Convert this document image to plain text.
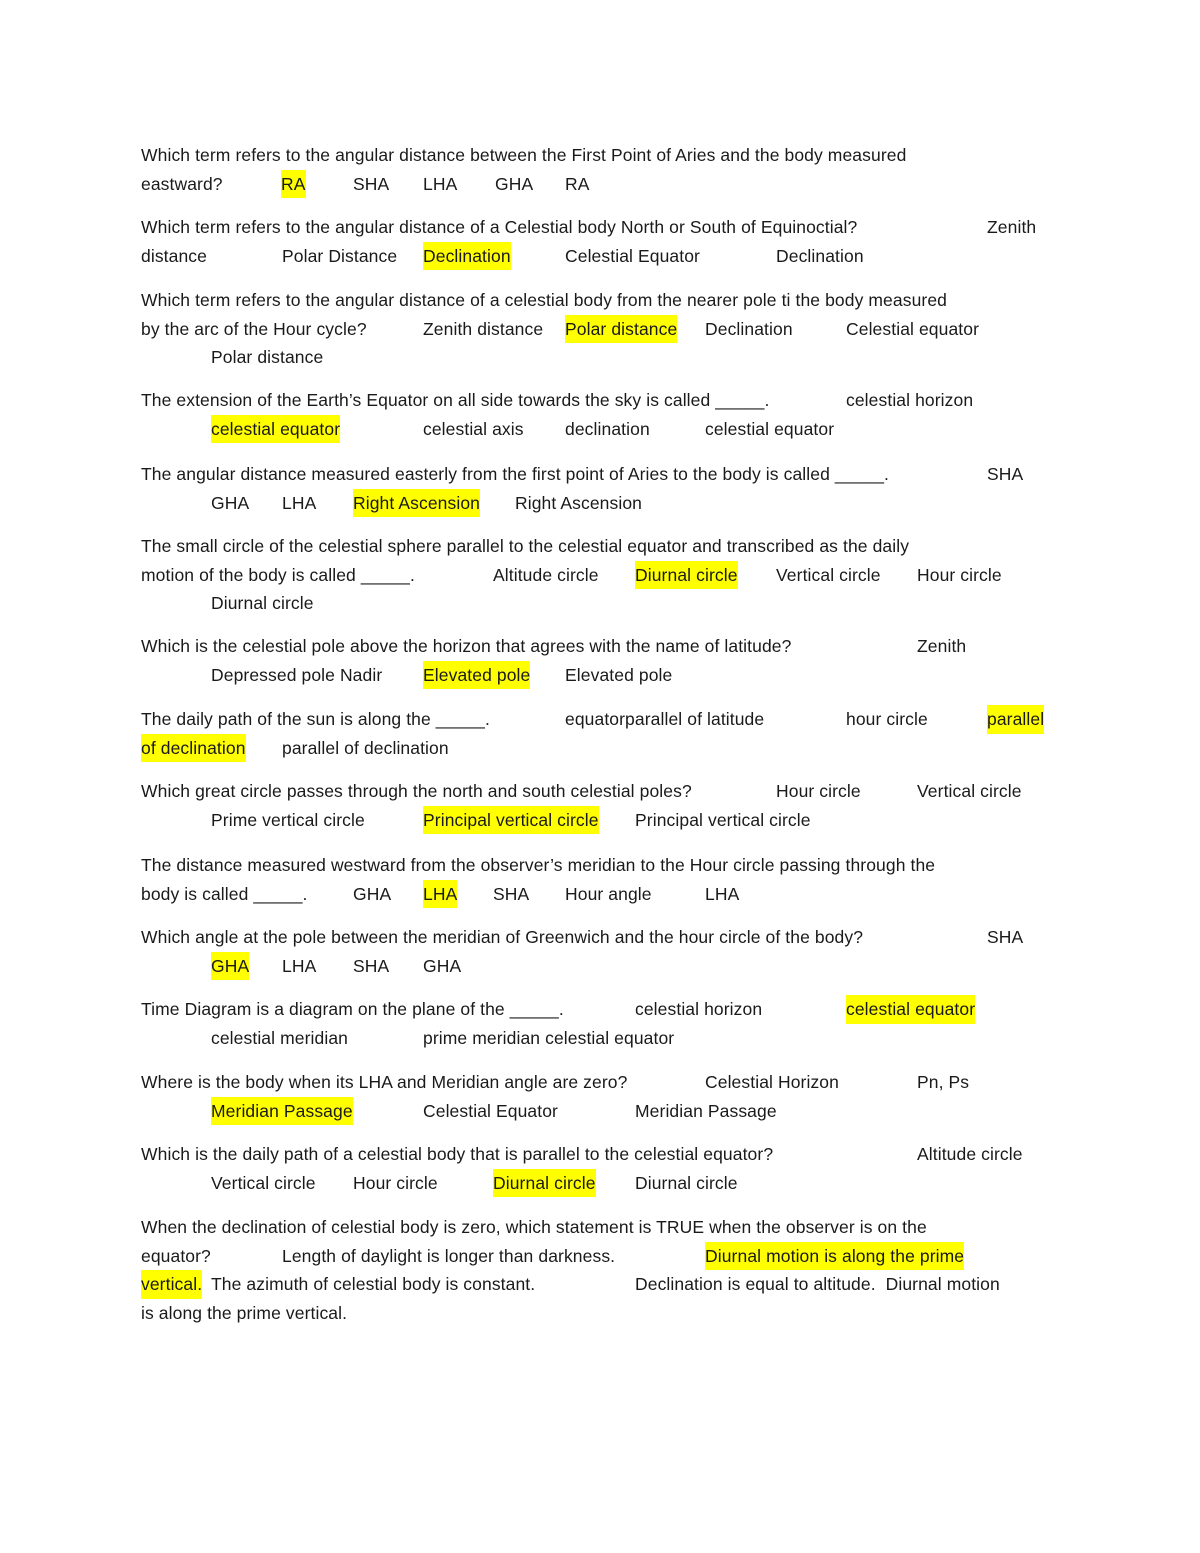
Which term refers to the angular distance between the First Point of Aries and the body measured
eastward?	RA	SHA LHA GHA RA
Which term refers to the angular distance of a Celestial body North or South of Equinoctial?	Zenith
distance	Polar Distance Declination	Celestial Equator	Declination
Which term refers to the angular distance of a celestial body from the nearer pole ti the body measured
by the arc of the Hour cycle?	Zenith distance Polar distance Declination	Celestial equator
Polar distance
The extension of the Earth’s Equator on all side towards the sky is called _____.	celestial horizon
celestial equator	celestial axis declination	celestial equator
The angular distance measured easterly from the first point of Aries to the body is called _____.	SHA
GHA LHA Right Ascension Right Ascension
The small circle of the celestial sphere parallel to the celestial equator and transcribed as the daily
motion of the body is called _____.	Altitude circle Diurnal circle Vertical circle Hour circle
Diurnal circle
Which is the celestial pole above the horizon that agrees with the name of latitude?	Zenith
Depressed pole Nadir Elevated pole Elevated pole
The daily path of the sun is along the _____.	equatorparallel of latitude	hour circle	parallel
of declination parallel of declination
Which great circle passes through the north and south celestial poles?	Hour circle	Vertical circle
Prime vertical circle	Principal vertical circle Principal vertical circle
The distance measured westward from the observer’s meridian to the Hour circle passing through the
body is called _____.	GHA LHA SHA Hour angle	LHA
Which angle at the pole between the meridian of Greenwich and the hour circle of the body?	SHA
GHA LHA SHA GHA
Time Diagram is a diagram on the plane of the _____.	celestial horizon	celestial equator
celestial meridian	prime meridian celestial equator
Where is the body when its LHA and Meridian angle are zero?	Celestial Horizon	Pn, Ps
Meridian Passage	Celestial Equator	Meridian Passage
Which is the daily path of a celestial body that is parallel to the celestial equator?	Altitude circle
Vertical circle Hour circle	Diurnal circle Diurnal circle
When the declination of celestial body is zero, which statement is TRUE when the observer is on the
equator?	Length of daylight is longer than darkness.	Diurnal motion is along the prime
vertical. The azimuth of celestial body is constant.	Declination is equal to altitude.  Diurnal motion
is along the prime vertical.
